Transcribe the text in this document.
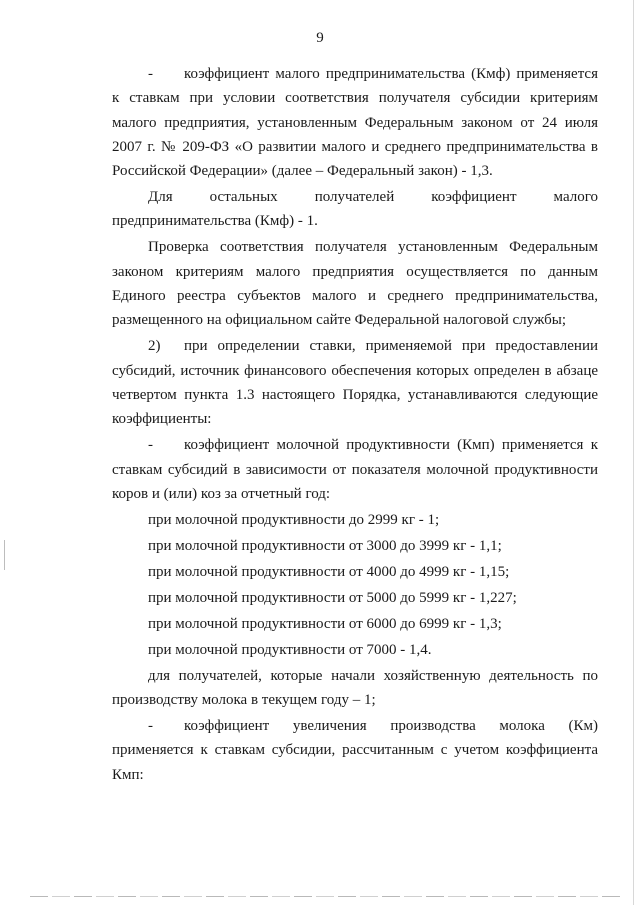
9

- коэффициент малого предпринимательства (Кмф) применяется к ставкам при условии соответствия получателя субсидии критериям малого предприятия, установленным Федеральным законом от 24 июля 2007 г. № 209-ФЗ «О развитии малого и среднего предпринимательства в Российской Федерации» (далее – Федеральный закон) - 1,3.

Для остальных получателей коэффициент малого предпринимательства (Кмф) - 1.

Проверка соответствия получателя установленным Федеральным законом критериям малого предприятия осуществляется по данным Единого реестра субъектов малого и среднего предпринимательства, размещенного на официальном сайте Федеральной налоговой службы;

2) при определении ставки, применяемой при предоставлении субсидий, источник финансового обеспечения которых определен в абзаце четвертом пункта 1.3 настоящего Порядка, устанавливаются следующие коэффициенты:

- коэффициент молочной продуктивности (Кмп) применяется к ставкам субсидий в зависимости от показателя молочной продуктивности коров и (или) коз за отчетный год:

при молочной продуктивности до 2999 кг - 1;

при молочной продуктивности от 3000 до 3999 кг - 1,1;

при молочной продуктивности от 4000 до 4999 кг - 1,15;

при молочной продуктивности от 5000 до 5999 кг - 1,227;

при молочной продуктивности от 6000 до 6999 кг - 1,3;

при молочной продуктивности от 7000 - 1,4.

для получателей, которые начали хозяйственную деятельность по производству молока в текущем году – 1;

- коэффициент увеличения производства молока (Км) применяется к ставкам субсидии, рассчитанным с учетом коэффициента Кмп:
